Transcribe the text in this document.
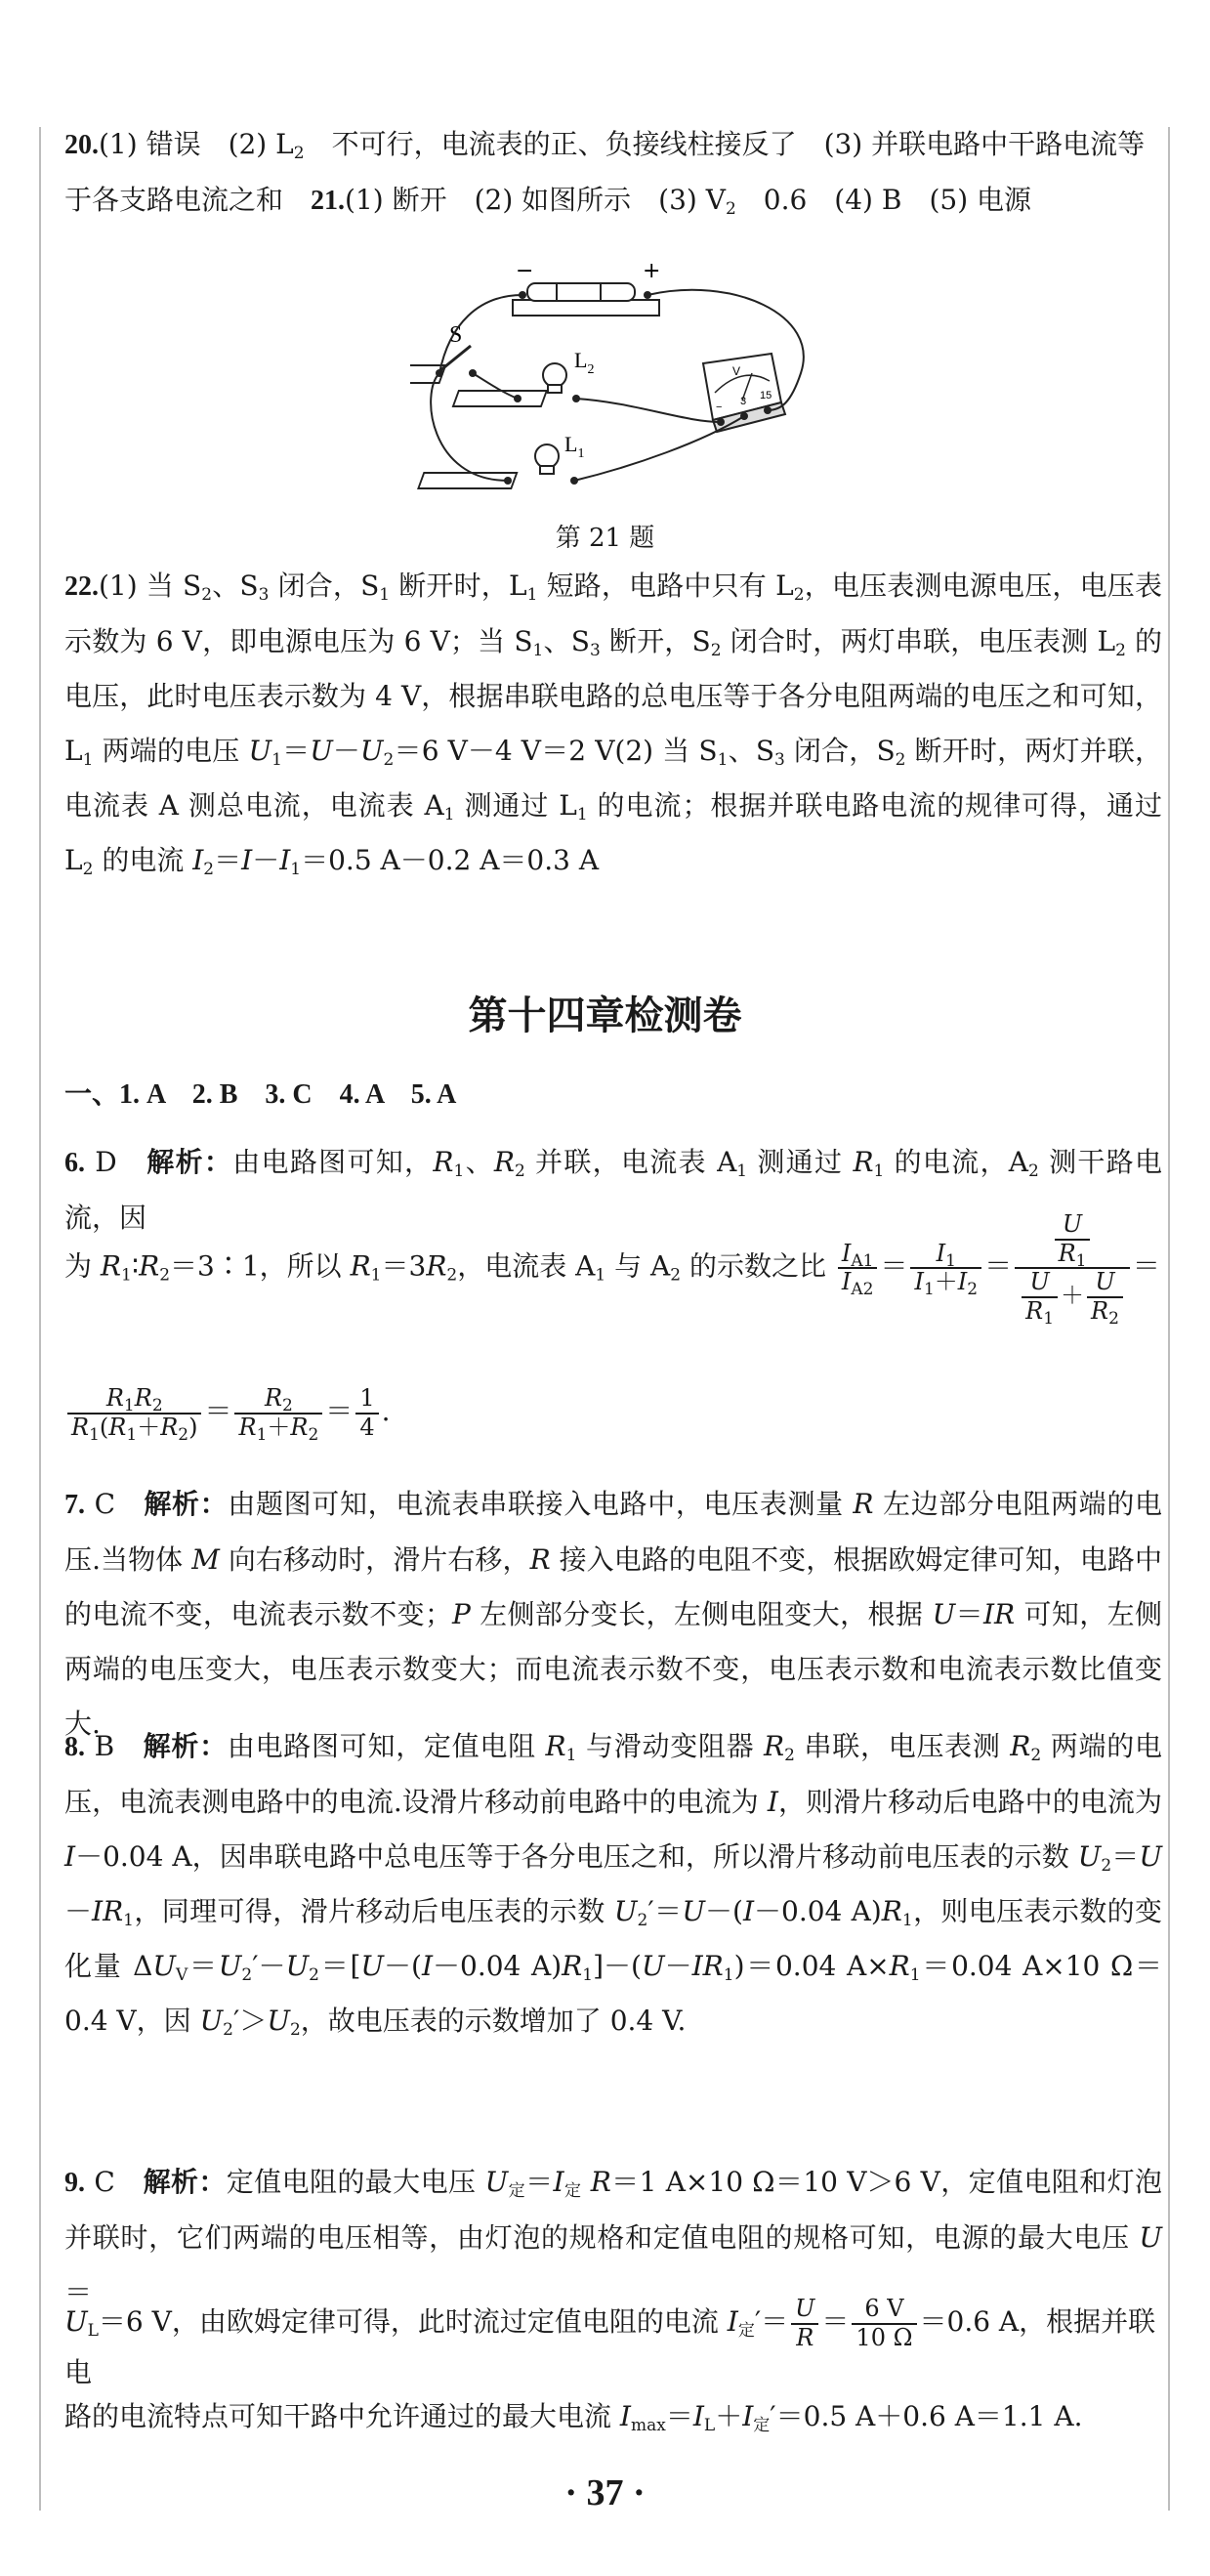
20.(1) 错误　(2) $L_2$　不可行，电流表的正、负接线柱接反了　(3) 并联电路中干路电流等
于各支路电流之和　 21.(1) 断开　(2) 如图所示　(3) $V_2$　0.6　(4) B　(5) 电源

−	+
S
$L_2$
$L_1$
V
− 3 15
第 21 题

22.(1) 当 $S_2$、$S_3$ 闭合，$S_1$ 断开时，$L_1$ 短路，电路中只有 $L_2$，电压表测电源电压，电压表示数为 6 V，即电源电压为 6 V；当 $S_1$、$S_3$ 断开，$S_2$ 闭合时，两灯串联，电压表测 $L_2$ 的电压，此时电压表示数为 4 V，根据串联电路的总电压等于各分电阻两端的电压之和可知，$L_1$ 两端的电压 $U_1=U-U_2=6$ V－4 V＝2 V(2) 当 $S_1$、$S_3$ 闭合，$S_2$ 断开时，两灯并联，电流表 A 测总电流，电流表 $A_1$ 测通过 $L_1$ 的电流；根据并联电路电流的规律可得，通过 $L_2$ 的电流 $I_2=I-I_1=0.5$ A－0.2 A＝0.3 A

第十四章检测卷

一、1. A　2. B　3. C　4. A　5. A

6. D　 解析：由电路图可知，$R_1$、$R_2$ 并联，电流表 $A_1$ 测通过 $R_1$ 的电流，$A_2$ 测干路电流，因

为 $R_1∶R_2=3∶1$，所以 $R_1=3R_2$，电流表 $A_1$ 与 $A_2$ 的示数之比 $\frac{I_{A1}}{I_{A2}} = \frac{I_1}{I_1+I_2} = \frac{\frac{U}{R_1}}{\frac{U}{R_1} + \frac{U}{R_2}}$ ＝
$\frac{R_1R_2}{R_1(R_1+R_2)} = \frac{R_2}{R_1+R_2} = \frac{1}{4}$ .

7. C　 解析：由题图可知，电流表串联接入电路中，电压表测量 R 左边部分电阻两端的电压.当物体 M 向右移动时，滑片右移，R 接入电路的电阻不变，根据欧姆定律可知，电路中的电流不变，电流表示数不变；P 左侧部分变长，左侧电阻变大，根据 U＝IR 可知，左侧两端的电压变大，电压表示数变大；而电流表示数不变，电压表示数和电流表示数比值变大.

8. B　 解析：由电路图可知，定值电阻 $R_1$ 与滑动变阻器 $R_2$ 串联，电压表测 $R_2$ 两端的电压，电流表测电路中的电流.设滑片移动前电路中的电流为 I，则滑片移动后电路中的电流为 I－0.04 A，因串联电路中总电压等于各分电压之和，所以滑片移动前电压表的示数 $U_2=U-IR_1$，同理可得，滑片移动后电压表的示数 $U_2'=U-(I-0.04$ $A)R_1$，则电压表示数的变化量 $\Delta U_V=U_2'-U_2=[U-(I-0.04$ $A)R_1]-(U-IR_1)=0.04$ $A\times R_1=0.04$ A×10 Ω＝0.4 V，因 $U_2'>U_2$，故电压表的示数增加了 0.4 V.

9. C　 解析：定值电阻的最大电压 $U_定=I_定$ R＝1 A×10 Ω＝10 V＞6 V，定值电阻和灯泡并联时，它们两端的电压相等，由灯泡的规格和定值电阻的规格可知，电源的最大电压 U＝

$U_L=6$ V，由欧姆定律可得，此时流过定值电阻的电流 $I_定'= \frac{U}{R} = \frac{6 V}{10 \Omega} =0.6$ A，根据并联电

路的电流特点可知干路中允许通过的最大电流 $I_{max}=I_L+I_定'=0.5$ A＋0.6 A＝1.1 A.

· 37 ·
